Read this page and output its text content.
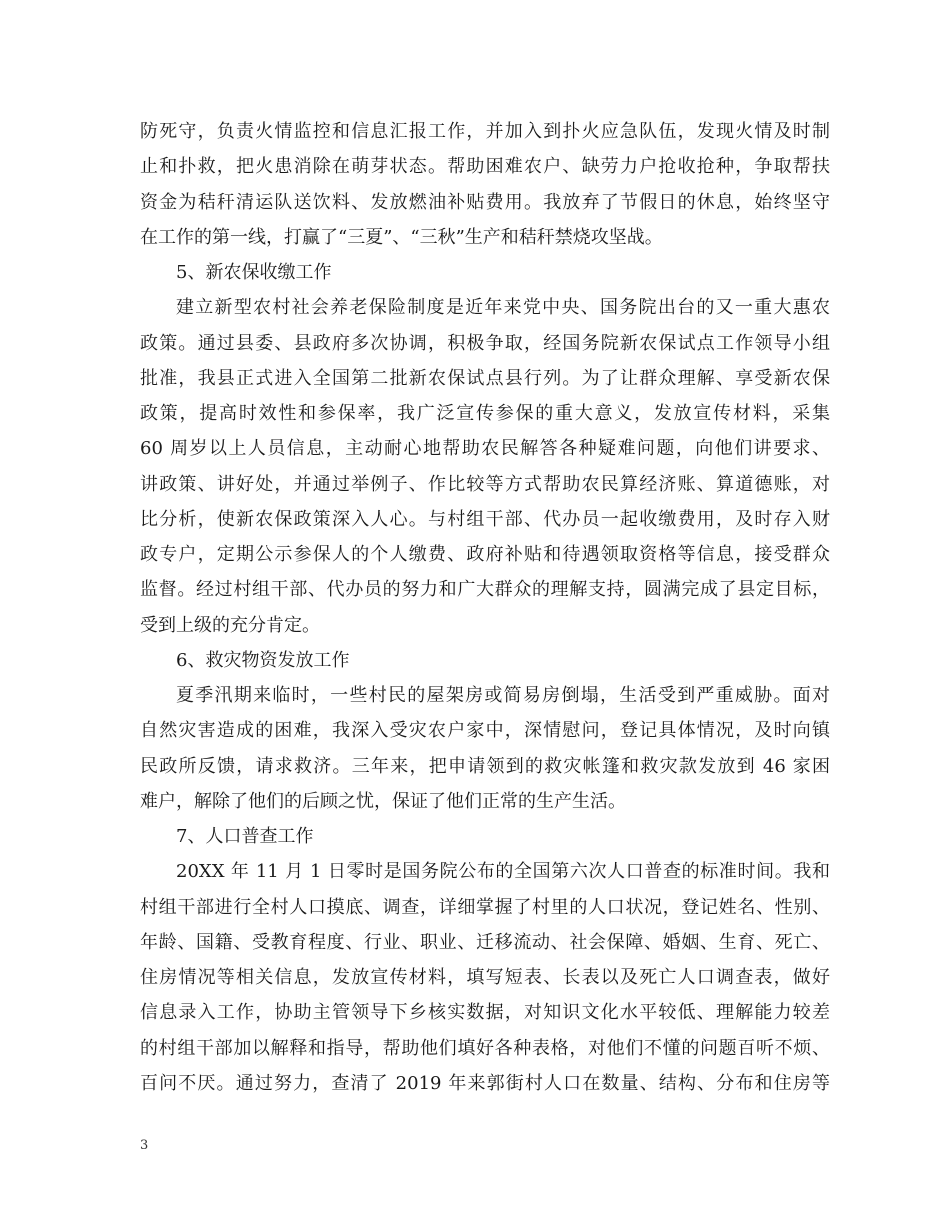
防死守，负责火情监控和信息汇报工作，并加入到扑火应急队伍，发现火情及时制
止和扑救，把火患消除在萌芽状态。帮助困难农户、缺劳力户抢收抢种，争取帮扶
资金为秸秆清运队送饮料、发放燃油补贴费用。我放弃了节假日的休息，始终坚守
在工作的第一线，打赢了“三夏”、“三秋”生产和秸秆禁烧攻坚战。
5、新农保收缴工作
建立新型农村社会养老保险制度是近年来党中央、国务院出台的又一重大惠农
政策。通过县委、县政府多次协调，积极争取，经国务院新农保试点工作领导小组
批准，我县正式进入全国第二批新农保试点县行列。为了让群众理解、享受新农保
政策，提高时效性和参保率，我广泛宣传参保的重大意义，发放宣传材料，采集
60 周岁以上人员信息，主动耐心地帮助农民解答各种疑难问题，向他们讲要求、
讲政策、讲好处，并通过举例子、作比较等方式帮助农民算经济账、算道德账，对
比分析，使新农保政策深入人心。与村组干部、代办员一起收缴费用，及时存入财
政专户，定期公示参保人的个人缴费、政府补贴和待遇领取资格等信息，接受群众
监督。经过村组干部、代办员的努力和广大群众的理解支持，圆满完成了县定目标，
受到上级的充分肯定。
6、救灾物资发放工作
夏季汛期来临时，一些村民的屋架房或简易房倒塌，生活受到严重威胁。面对
自然灾害造成的困难，我深入受灾农户家中，深情慰问，登记具体情况，及时向镇
民政所反馈，请求救济。三年来，把申请领到的救灾帐篷和救灾款发放到 46 家困
难户，解除了他们的后顾之忧，保证了他们正常的生产生活。
7、人口普查工作
20XX 年 11 月 1 日零时是国务院公布的全国第六次人口普查的标准时间。我和
村组干部进行全村人口摸底、调查，详细掌握了村里的人口状况，登记姓名、性别、
年龄、国籍、受教育程度、行业、职业、迁移流动、社会保障、婚姻、生育、死亡、
住房情况等相关信息，发放宣传材料，填写短表、长表以及死亡人口调查表，做好
信息录入工作，协助主管领导下乡核实数据，对知识文化水平较低、理解能力较差
的村组干部加以解释和指导，帮助他们填好各种表格，对他们不懂的问题百听不烦、
百问不厌。通过努力，查清了 2019 年来郭街村人口在数量、结构、分布和住房等
3
